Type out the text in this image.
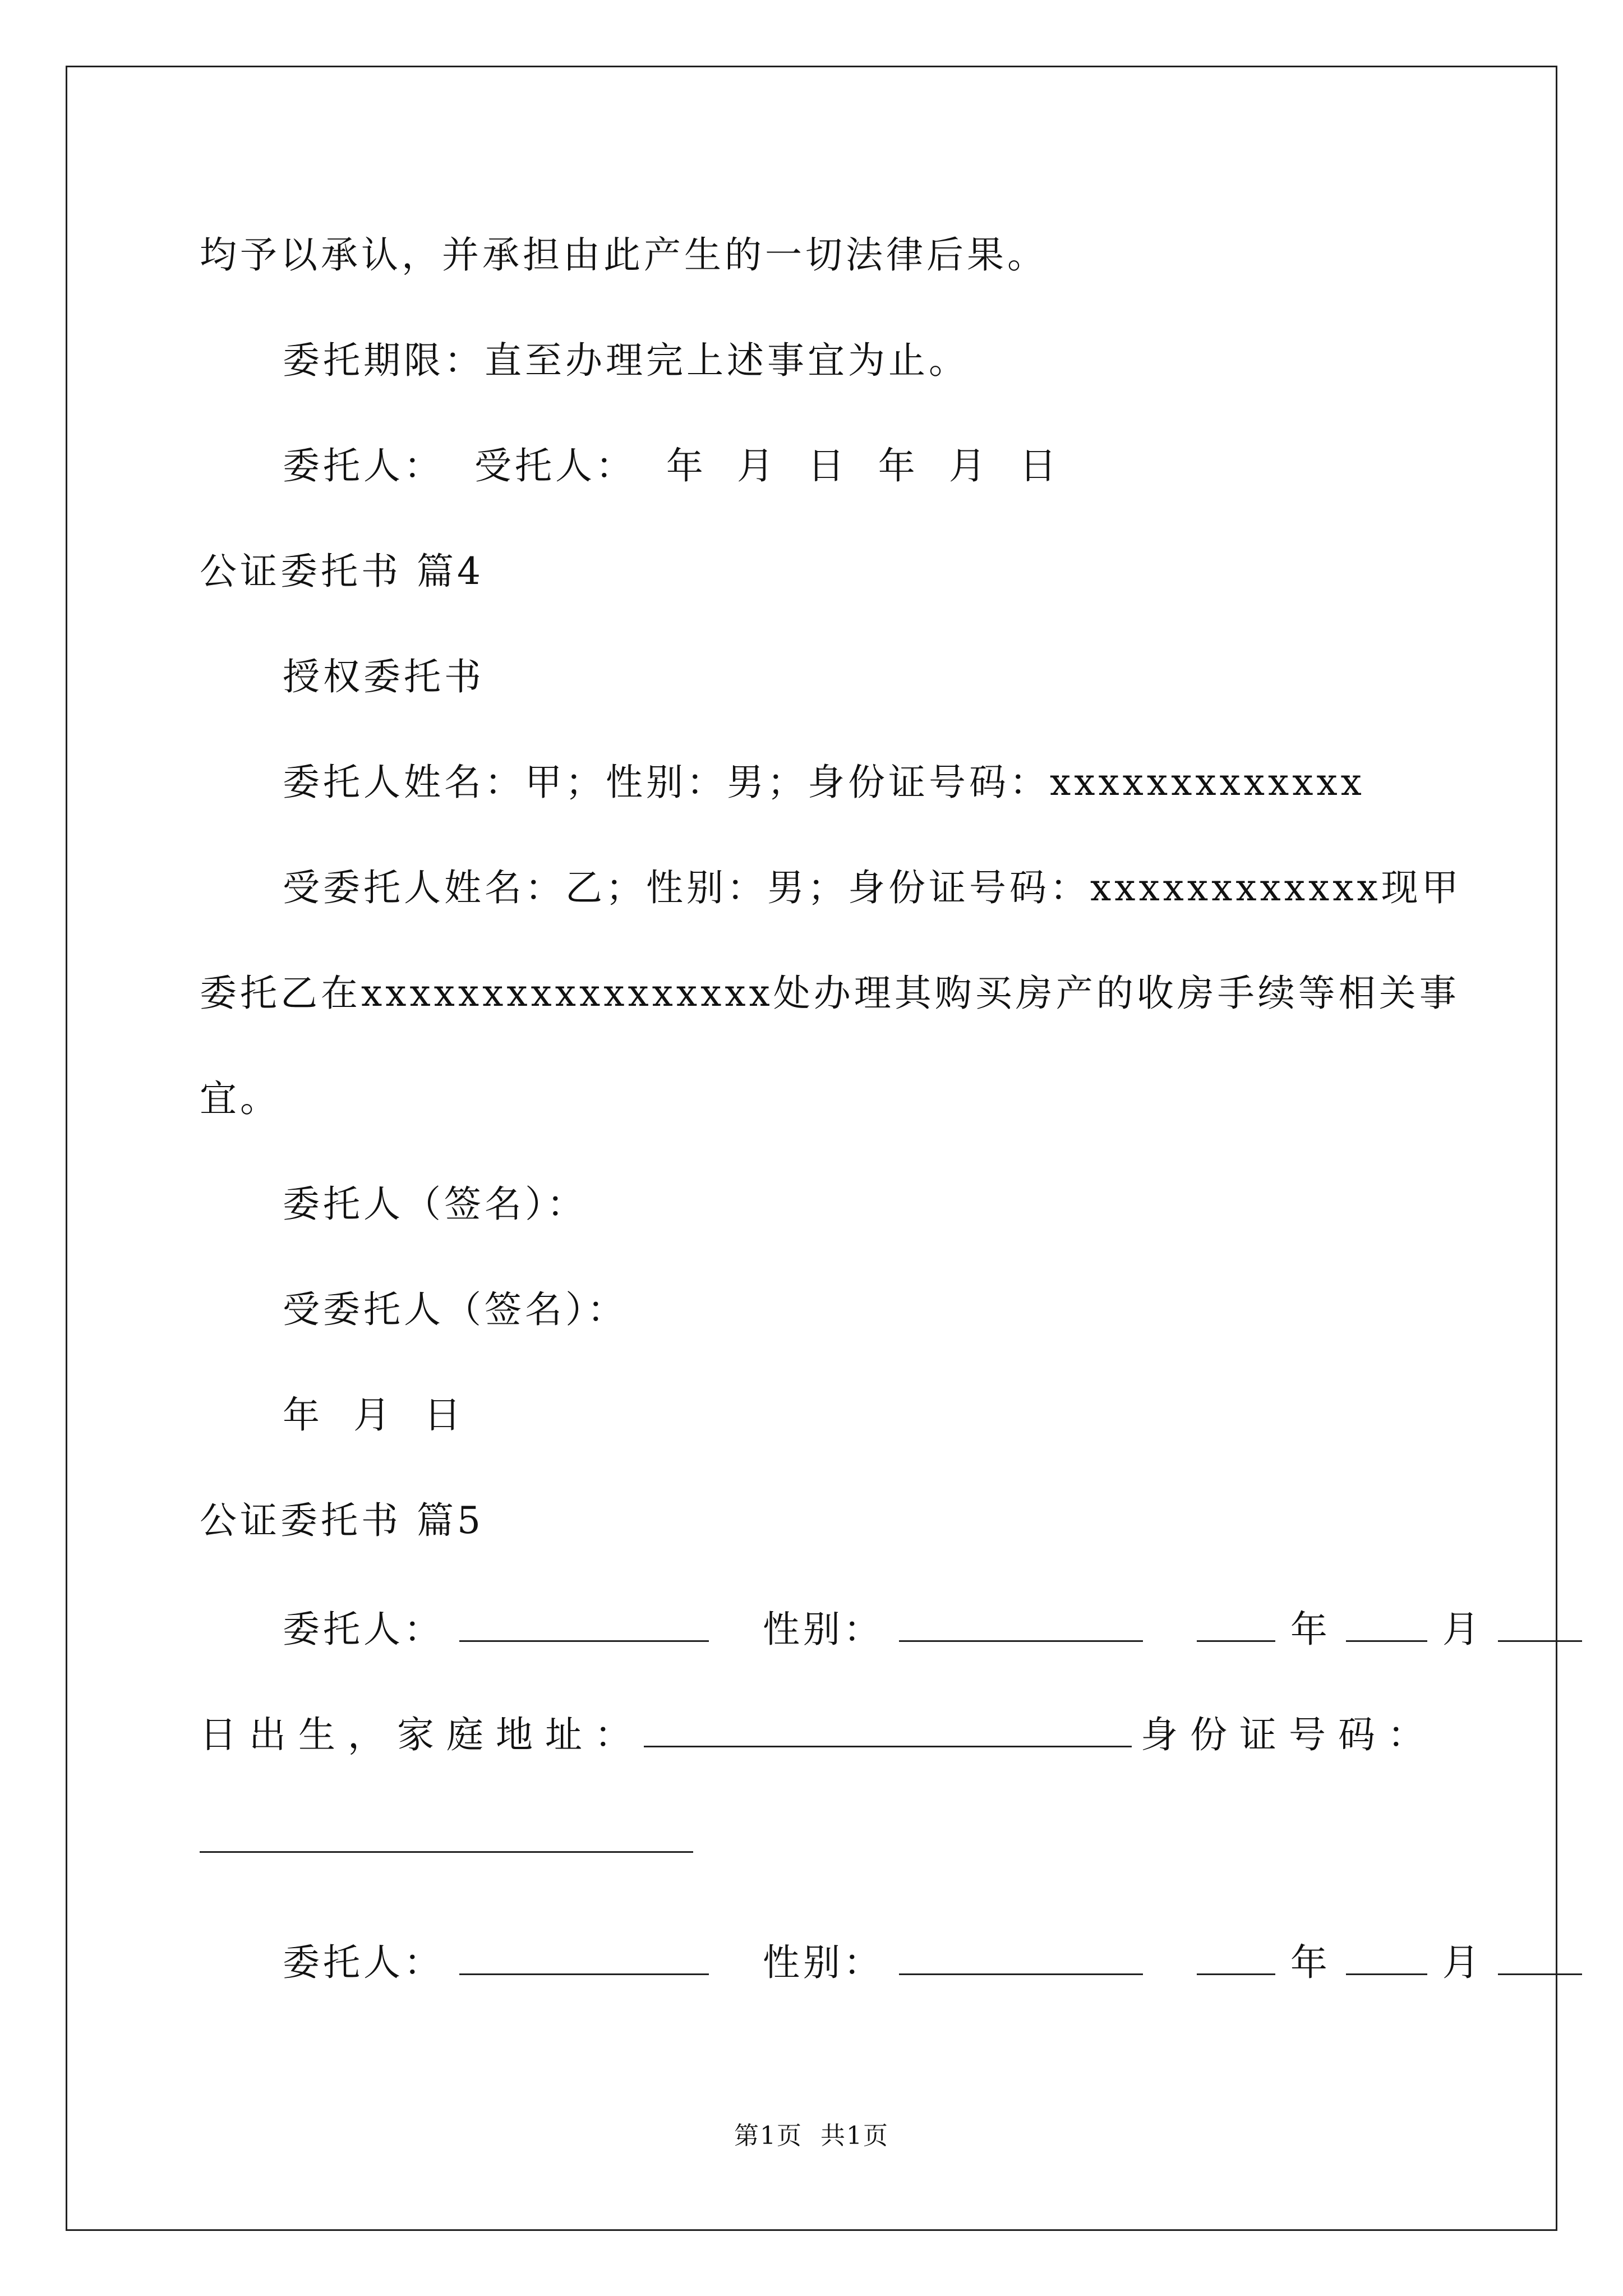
均予以承认，并承担由此产生的一切法律后果。
委托期限：直至办理完上述事宜为止。
委托人：  受托人：  年  月  日  年  月  日
公证委托书 篇4
授权委托书
委托人姓名：甲；性别：男；身份证号码：xxxxxxxxxxxxx
受委托人姓名：乙；性别：男；身份证号码：xxxxxxxxxxxx 现甲
委托乙在 xxxxxxxxxxxxxxxxx 处办理其购买房产的收房手续等相关事
宜。
委托人（签名）：
受委托人（签名）：
年  月  日
公证委托书 篇5
委托人：	性别：	年	月
日 出 生 ， 家 庭 地 址 ：	身 份 证 号 码 ：
委托人：	性别：	年	月
第1页  共1页
